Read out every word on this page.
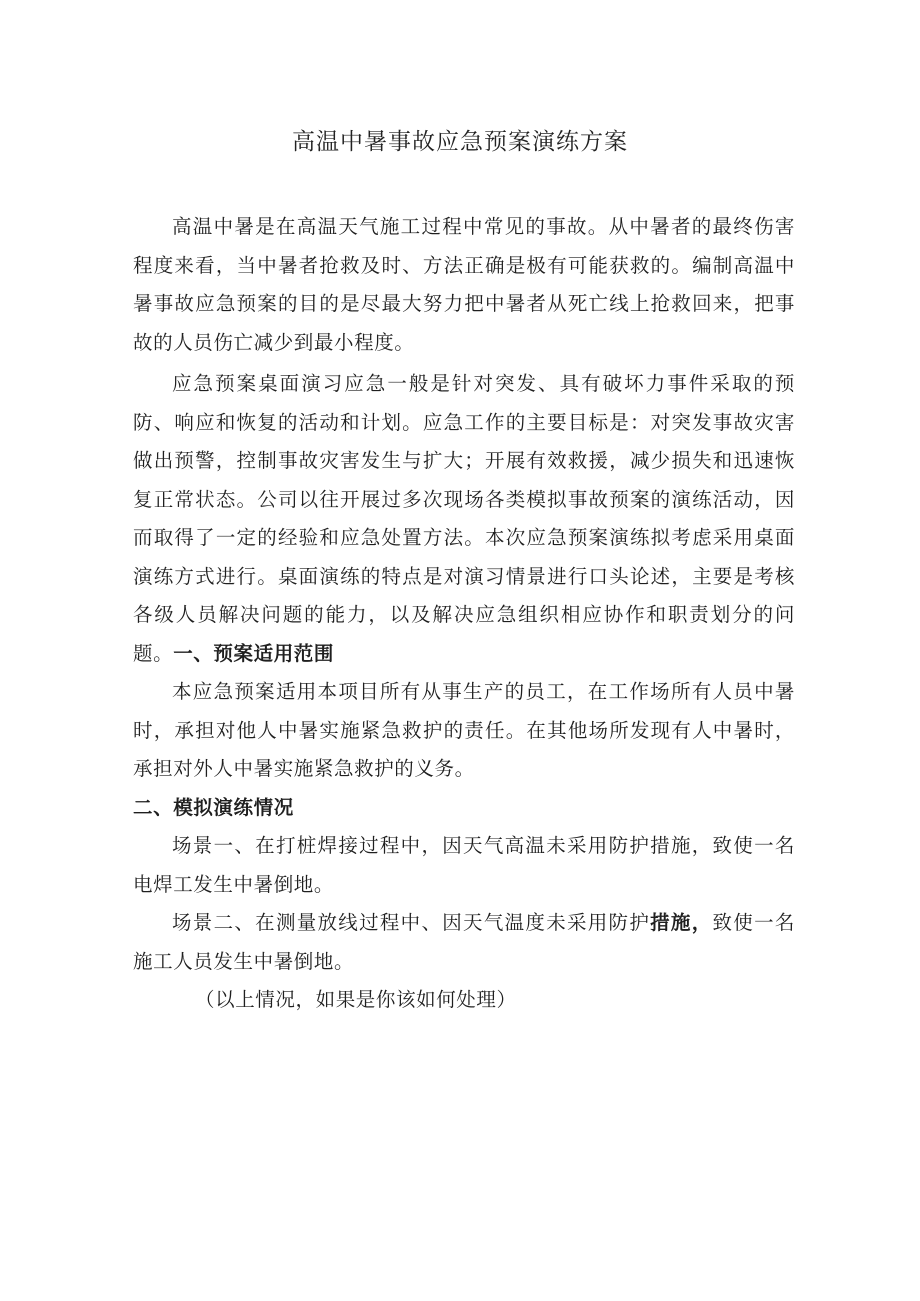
高温中暑事故应急预案演练方案

高温中暑是在高温天气施工过程中常见的事故。从中暑者的最终伤害程度来看，当中暑者抢救及时、方法正确是极有可能获救的。编制高温中暑事故应急预案的目的是尽最大努力把中暑者从死亡线上抢救回来，把事故的人员伤亡减少到最小程度。

应急预案桌面演习应急一般是针对突发、具有破坏力事件采取的预防、响应和恢复的活动和计划。应急工作的主要目标是：对突发事故灾害做出预警，控制事故灾害发生与扩大；开展有效救援，减少损失和迅速恢复正常状态。公司以往开展过多次现场各类模拟事故预案的演练活动，因而取得了一定的经验和应急处置方法。本次应急预案演练拟考虑采用桌面演练方式进行。桌面演练的特点是对演习情景进行口头论述，主要是考核各级人员解决问题的能力，以及解决应急组织相应协作和职责划分的问题。一、预案适用范围

本应急预案适用本项目所有从事生产的员工，在工作场所有人员中暑时，承担对他人中暑实施紧急救护的责任。在其他场所发现有人中暑时，承担对外人中暑实施紧急救护的义务。

二、模拟演练情况

场景一、在打桩焊接过程中，因天气高温未采用防护措施，致使一名电焊工发生中暑倒地。

场景二、在测量放线过程中、因天气温度未采用防护措施，致使一名施工人员发生中暑倒地。

（以上情况，如果是你该如何处理）
